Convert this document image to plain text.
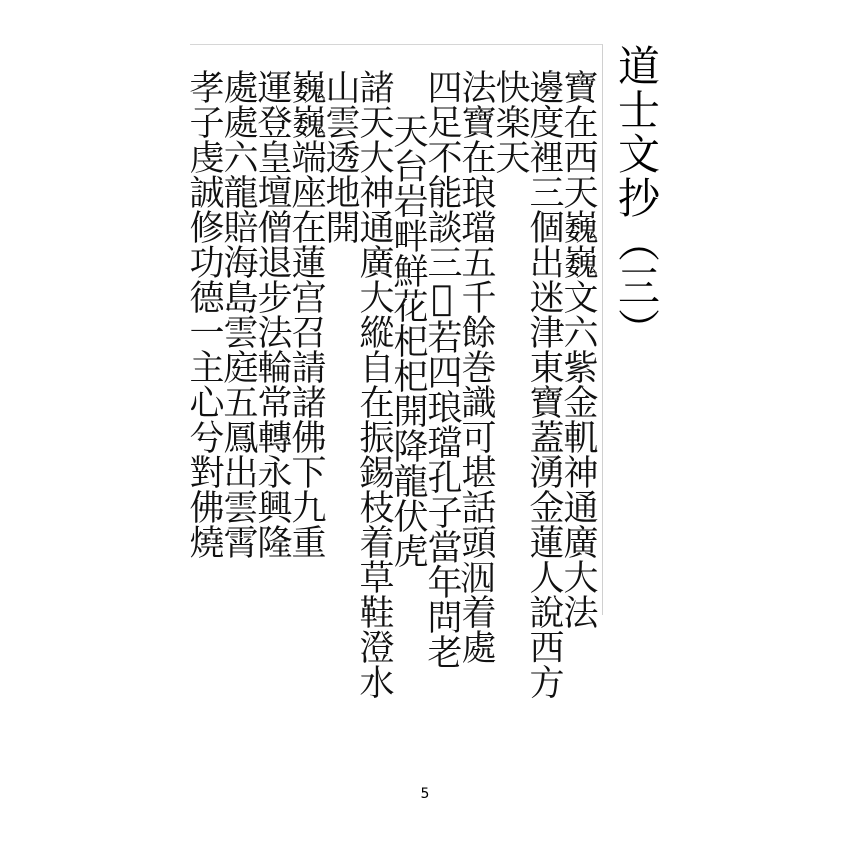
道士文抄（三）
寶在西天巍巍文六紫金䡄神通廣大法
邊度裡三個出迷津東寶蓋湧金蓮人說西方
快楽天
法寶在琅璫五千餘巻識可堪話頭𣲶着處
四足不能談三𣗥若四琅璫孔子當年問老
天台岩畔鮮花𣏌𣏌開降龍伏虎
諸天大神通廣大縱自在振錫枝着草鞋澄水
山雲透地開
巍巍端座在蓮宫召請諸佛下九重
運登皇壇僧退步法輪常轉永興隆
處處六龍賠海島雲庭五鳳出雲霄
孝子虔誠修功德一主心兮對佛燒
5
